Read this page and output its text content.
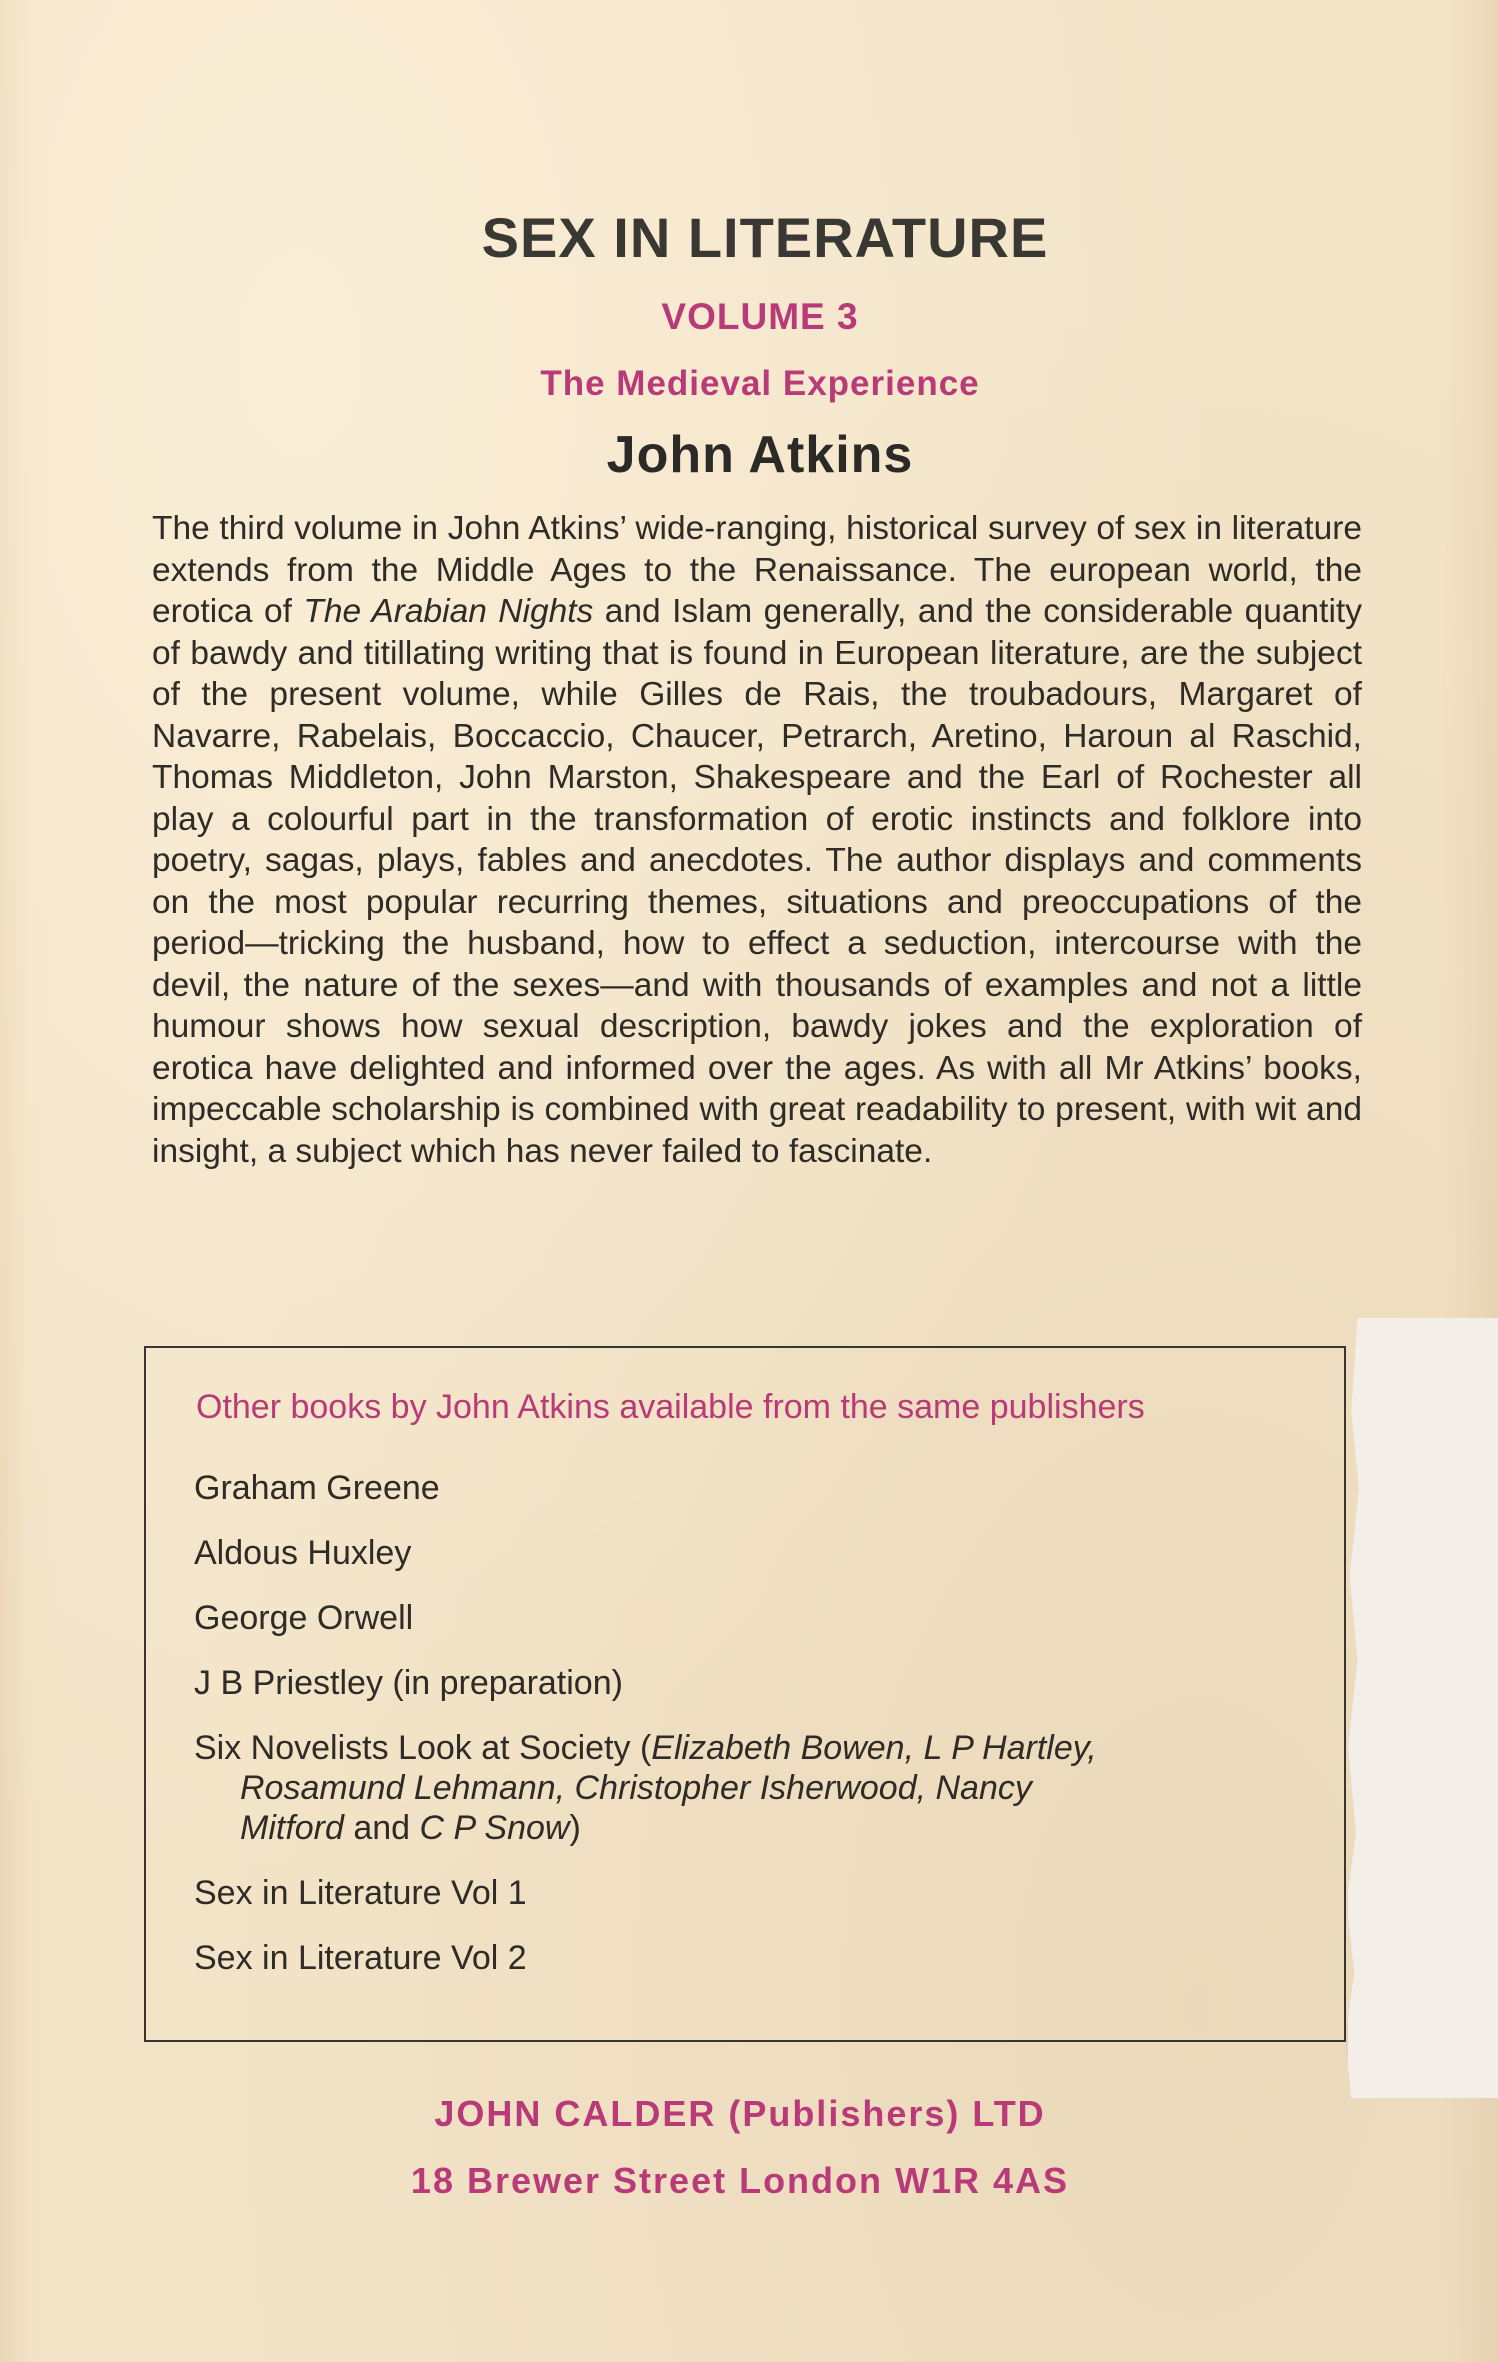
SEX IN LITERATURE
VOLUME 3
The Medieval Experience
John Atkins
The third volume in John Atkins’ wide-ranging, historical survey of sex in literature extends from the Middle Ages to the Renaissance. The european world, the erotica of The Arabian Nights and Islam generally, and the considerable quantity of bawdy and titillating writing that is found in European literature, are the subject of the present volume, while Gilles de Rais, the troubadours, Margaret of Navarre, Rabelais, Boccaccio, Chaucer, Petrarch, Aretino, Haroun al Raschid, Thomas Middleton, John Marston, Shakespeare and the Earl of Rochester all play a colourful part in the transformation of erotic instincts and folklore into poetry, sagas, plays, fables and anecdotes. The author displays and comments on the most popular recurring themes, situations and preoccupations of the period—tricking the husband, how to effect a seduction, intercourse with the devil, the nature of the sexes—and with thousands of examples and not a little humour shows how sexual description, bawdy jokes and the exploration of erotica have delighted and informed over the ages. As with all Mr Atkins’ books, impeccable scholarship is combined with great readability to present, with wit and insight, a subject which has never failed to fascinate.
Other books by John Atkins available from the same publishers
Graham Greene
Aldous Huxley
George Orwell
J B Priestley (in preparation)
Six Novelists Look at Society (Elizabeth Bowen, L P Hartley,
Rosamund Lehmann, Christopher Isherwood, Nancy
Mitford and C P Snow)
Sex in Literature Vol 1
Sex in Literature Vol 2
JOHN CALDER (Publishers) LTD
18 Brewer Street London W1R 4AS
